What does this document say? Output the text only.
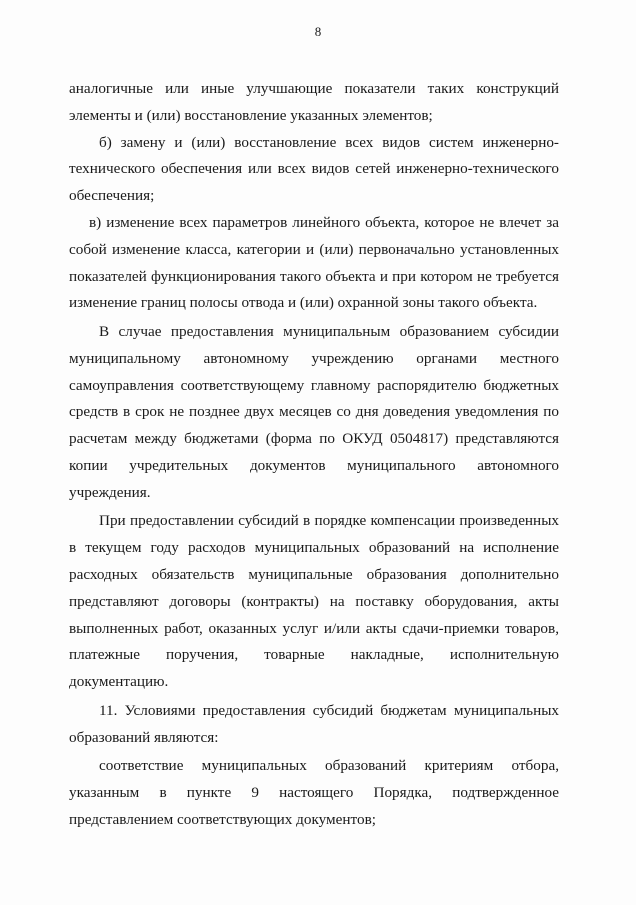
8
аналогичные или иные улучшающие показатели таких конструкций
элементы и (или) восстановление указанных элементов;
б) замену и (или) восстановление всех видов систем инженерно-
технического обеспечения или всех видов сетей инженерно-технического
обеспечения;
в) изменение всех параметров линейного объекта, которое не влечет за
собой изменение класса, категории и (или) первоначально установленных
показателей функционирования такого объекта и при котором не требуется
изменение границ полосы отвода и (или) охранной зоны такого объекта.
В случае предоставления муниципальным образованием субсидии
муниципальному автономному учреждению органами местного
самоуправления соответствующему главному распорядителю бюджетных
средств в срок не позднее двух месяцев со дня доведения уведомления по
расчетам между бюджетами (форма по ОКУД 0504817) представляются
копии учредительных документов муниципального автономного
учреждения.
При предоставлении субсидий в порядке компенсации произведенных
в текущем году расходов муниципальных образований на исполнение
расходных обязательств муниципальные образования дополнительно
представляют договоры (контракты) на поставку оборудования, акты
выполненных работ, оказанных услуг и/или акты сдачи-приемки товаров,
платежные поручения, товарные накладные, исполнительную
документацию.
11. Условиями предоставления субсидий бюджетам муниципальных
образований являются:
соответствие муниципальных образований критериям отбора,
указанным в пункте 9 настоящего Порядка, подтвержденное
представлением соответствующих документов;
